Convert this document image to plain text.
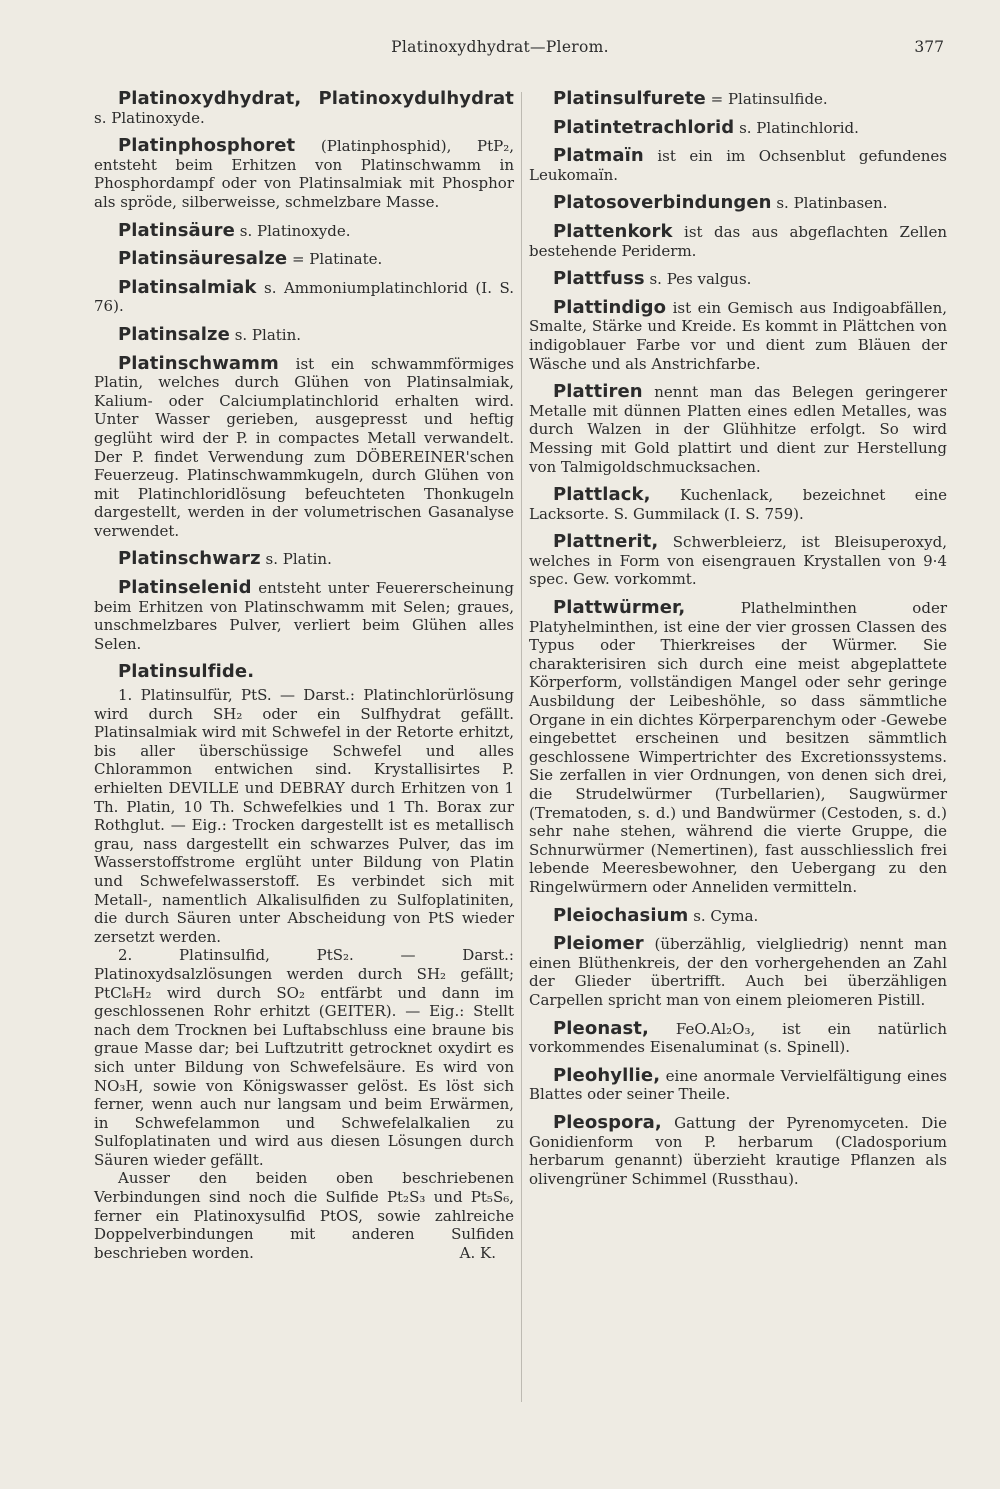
Platinoxydhydrat—Plerom.	377

Platinoxydhydrat, Platinoxydulhydrat s. Platinoxyde.

Platinphosphoret (Platinphosphid), PtP₂, entsteht beim Erhitzen von Platinschwamm in Phosphordampf oder von Platinsalmiak mit Phosphor als spröde, silberweisse, schmelzbare Masse.

Platinsäure s. Platinoxyde.

Platinsäuresalze = Platinate.

Platinsalmiak s. Ammoniumplatinchlorid (I. S. 76).

Platinsalze s. Platin.

Platinschwamm ist ein schwammförmiges Platin, welches durch Glühen von Platinsalmiak, Kalium- oder Calciumplatinchlorid erhalten wird. Unter Wasser gerieben, ausgepresst und heftig geglüht wird der P. in compactes Metall verwandelt. Der P. findet Verwendung zum DÖBEREINER'schen Feuerzeug. Platinschwammkugeln, durch Glühen von mit Platinchloridlösung befeuchteten Thonkugeln dargestellt, werden in der volumetrischen Gasanalyse verwendet.

Platinschwarz s. Platin.

Platinselenid entsteht unter Feuererscheinung beim Erhitzen von Platinschwamm mit Selen; graues, unschmelzbares Pulver, verliert beim Glühen alles Selen.

Platinsulfide.

1. Platinsulfür, PtS. — Darst.: Platinchlorürlösung wird durch SH₂ oder ein Sulfhydrat gefällt. Platinsalmiak wird mit Schwefel in der Retorte erhitzt, bis aller überschüssige Schwefel und alles Chlorammon entwichen sind. Krystallisirtes P. erhielten DEVILLE und DEBRAY durch Erhitzen von 1 Th. Platin, 10 Th. Schwefelkies und 1 Th. Borax zur Rothglut. — Eig.: Trocken dargestellt ist es metallisch grau, nass dargestellt ein schwarzes Pulver, das im Wasserstoffstrome erglüht unter Bildung von Platin und Schwefelwasserstoff. Es verbindet sich mit Metall-, namentlich Alkalisulfiden zu Sulfoplatiniten, die durch Säuren unter Abscheidung von PtS wieder zersetzt werden.

2. Platinsulfid, PtS₂. — Darst.: Platinoxydsalzlösungen werden durch SH₂ gefällt; PtCl₆H₂ wird durch SO₂ entfärbt und dann im geschlossenen Rohr erhitzt (GEITER). — Eig.: Stellt nach dem Trocknen bei Luftabschluss eine braune bis graue Masse dar; bei Luftzutritt getrocknet oxydirt es sich unter Bildung von Schwefelsäure. Es wird von NO₃H, sowie von Königswasser gelöst. Es löst sich ferner, wenn auch nur langsam und beim Erwärmen, in Schwefelammon und Schwefelalkalien zu Sulfoplatinaten und wird aus diesen Lösungen durch Säuren wieder gefällt.

Ausser den beiden oben beschriebenen Verbindungen sind noch die Sulfide Pt₂S₃ und Pt₅S₆, ferner ein Platinoxysulfid PtOS, sowie zahlreiche Doppelverbindungen mit anderen Sulfiden beschrieben worden.	A. K.

Platinsulfurete = Platinsulfide.

Platintetrachlorid s. Platinchlorid.

Platmaïn ist ein im Ochsenblut gefundenes Leukomaïn.

Platosoverbindungen s. Platinbasen.

Plattenkork ist das aus abgeflachten Zellen bestehende Periderm.

Plattfuss s. Pes valgus.

Plattindigo ist ein Gemisch aus Indigoabfällen, Smalte, Stärke und Kreide. Es kommt in Plättchen von indigoblauer Farbe vor und dient zum Bläuen der Wäsche und als Anstrichfarbe.

Plattiren nennt man das Belegen geringerer Metalle mit dünnen Platten eines edlen Metalles, was durch Walzen in der Glühhitze erfolgt. So wird Messing mit Gold plattirt und dient zur Herstellung von Talmigoldschmucksachen.

Plattlack, Kuchenlack, bezeichnet eine Lacksorte. S. Gummilack (I. S. 759).

Plattnerit, Schwerbleierz, ist Bleisuperoxyd, welches in Form von eisengrauen Krystallen von 9·4 spec. Gew. vorkommt.

Plattwürmer,	Plathelminthen oder Platyhelminthen, ist eine der vier grossen Classen des Typus oder Thierkreises der Würmer. Sie charakterisiren sich durch eine meist abgeplattete Körperform, vollständigen Mangel oder sehr geringe Ausbildung der Leibeshöhle, so dass sämmtliche Organe in ein dichtes Körperparenchym oder -Gewebe eingebettet erscheinen und besitzen sämmtlich geschlossene Wimpertrichter des Excretionssystems. Sie zerfallen in vier Ordnungen, von denen sich drei, die Strudelwürmer (Turbellarien), Saugwürmer (Trematoden, s. d.) und Bandwürmer (Cestoden, s. d.) sehr nahe stehen, während die vierte Gruppe, die Schnurwürmer (Nemertinen), fast ausschliesslich frei lebende Meeresbewohner, den Uebergang zu den Ringelwürmern oder Anneliden vermitteln.

Pleiochasium s. Cyma.

Pleiomer (überzählig, vielgliedrig) nennt man einen Blüthenkreis, der den vorhergehenden an Zahl der Glieder übertrifft. Auch bei überzähligen Carpellen spricht man von einem pleiomeren Pistill.

Pleonast, FeO.Al₂O₃, ist ein natürlich vorkommendes Eisenaluminat (s. Spinell).

Pleohyllie, eine anormale Vervielfältigung eines Blattes oder seiner Theile.

Pleospora, Gattung der Pyrenomyceten. Die Gonidienform von P. herbarum (Cladosporium herbarum genannt) überzieht krautige Pflanzen als olivengrüner Schimmel (Russthau).
